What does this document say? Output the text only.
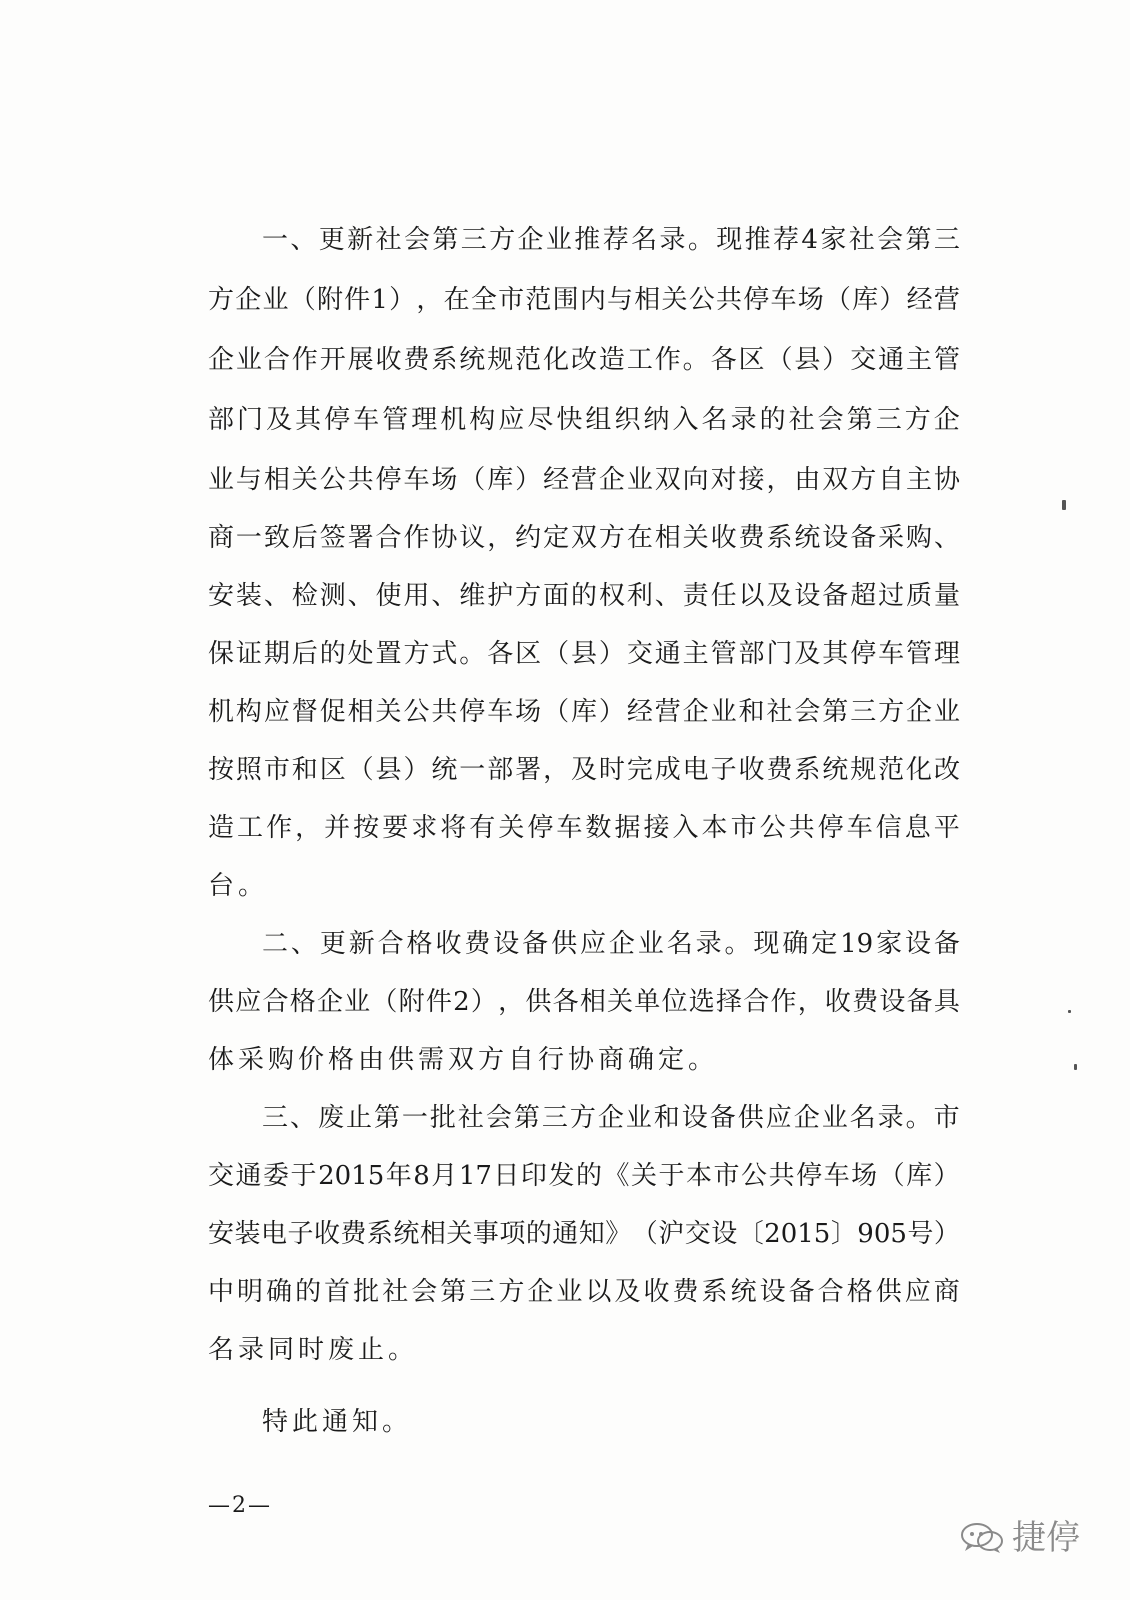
一 、 更 新 社 会 第 三 方 企 业 推 荐 名 录 。 现 推 荐 4 家 社 会 第 三
方 企 业 （ 附 件 1 ） ， 在 全 市 范 围 内 与 相 关 公 共 停 车 场 （ 库 ） 经 营
企 业 合 作 开 展 收 费 系 统 规 范 化 改 造 工 作 。 各 区 （ 县 ） 交 通 主 管
部 门 及 其 停 车 管 理 机 构 应 尽 快 组 织 纳 入 名 录 的 社 会 第 三 方 企
业 与 相 关 公 共 停 车 场 （ 库 ） 经 营 企 业 双 向 对 接 ， 由 双 方 自 主 协
商 一 致 后 签 署 合 作 协 议 ， 约 定 双 方 在 相 关 收 费 系 统 设 备 采 购 、
安 装 、 检 测 、 使 用 、 维 护 方 面 的 权 利 、 责 任 以 及 设 备 超 过 质 量
保 证 期 后 的 处 置 方 式 。 各 区 （ 县 ） 交 通 主 管 部 门 及 其 停 车 管 理
机 构 应 督 促 相 关 公 共 停 车 场 （ 库 ） 经 营 企 业 和 社 会 第 三 方 企 业
按 照 市 和 区 （ 县 ） 统 一 部 署 ， 及 时 完 成 电 子 收 费 系 统 规 范 化 改
造 工 作 ， 并 按 要 求 将 有 关 停 车 数 据 接 入 本 市 公 共 停 车 信 息 平
台。
二 、 更 新 合 格 收 费 设 备 供 应 企 业 名 录 。 现 确 定 19 家 设 备
供 应 合 格 企 业 （ 附 件 2 ） ， 供 各 相 关 单 位 选 择 合 作 ， 收 费 设 备 具
体采购价格由供需双方自行协商确定。
三 、 废 止 第 一 批 社 会 第 三 方 企 业 和 设 备 供 应 企 业 名 录 。 市
交 通 委 于 2015 年 8 月 17 日 印 发 的 《 关 于 本 市 公 共 停 车 场 （ 库 ）
安 装 电 子 收 费 系 统 相 关 事 项 的 通 知 》 （ 沪 交 设 〔 2015 〕 905 号 ）
中 明 确 的 首 批 社 会 第 三 方 企 业 以 及 收 费 系 统 设 备 合 格 供 应 商
名录同时废止。
特此通知。
—2—
捷停
